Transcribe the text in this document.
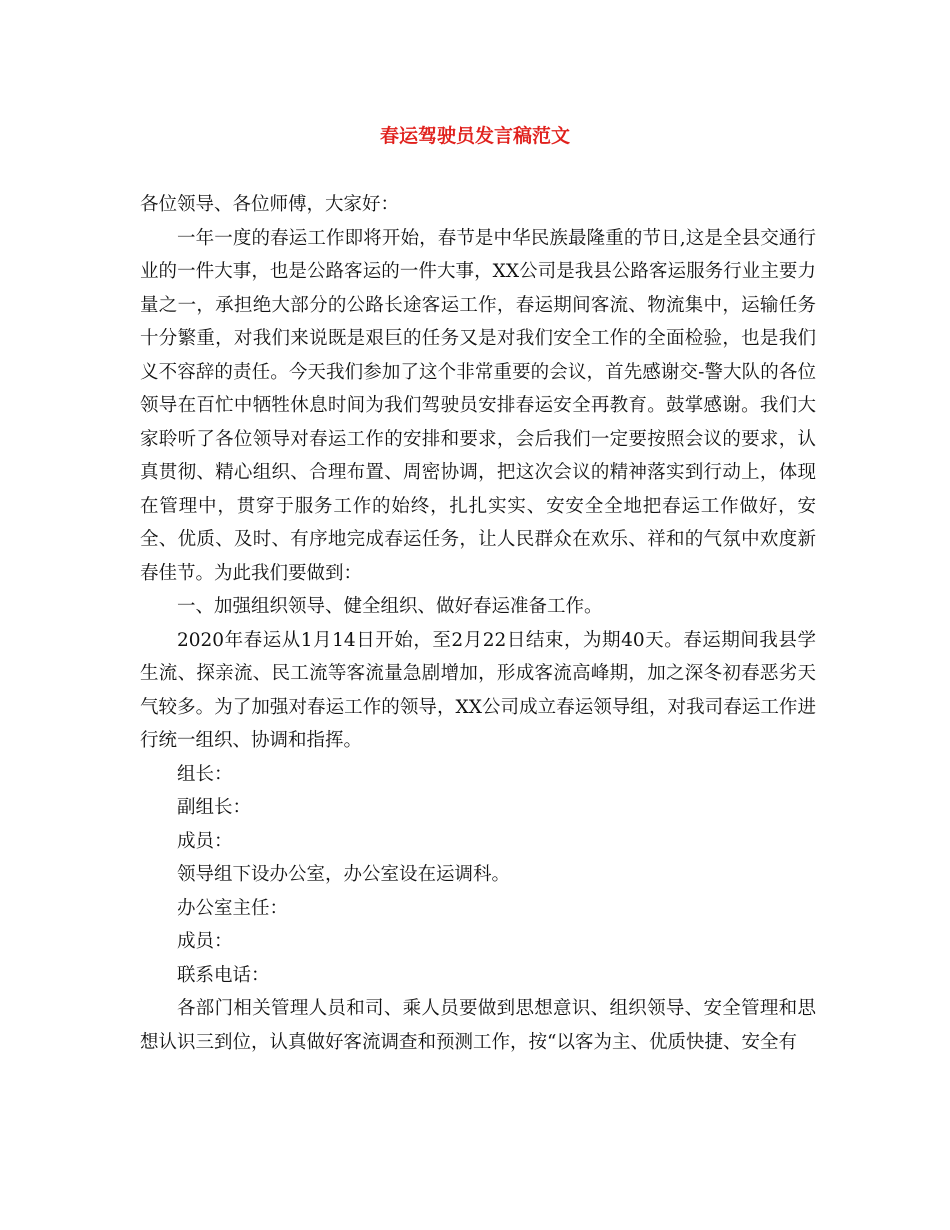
春运驾驶员发言稿范文

各位领导、各位师傅，大家好：

一年一度的春运工作即将开始，春节是中华民族最隆重的节日,这是全县交通行业的一件大事，也是公路客运的一件大事，XX公司是我县公路客运服务行业主要力量之一，承担绝大部分的公路长途客运工作，春运期间客流、物流集中，运输任务十分繁重，对我们来说既是艰巨的任务又是对我们安全工作的全面检验，也是我们义不容辞的责任。今天我们参加了这个非常重要的会议，首先感谢交-警大队的各位领导在百忙中牺牲休息时间为我们驾驶员安排春运安全再教育。鼓掌感谢。我们大家聆听了各位领导对春运工作的安排和要求，会后我们一定要按照会议的要求，认真贯彻、精心组织、合理布置、周密协调，把这次会议的精神落实到行动上，体现在管理中，贯穿于服务工作的始终，扎扎实实、安安全全地把春运工作做好，安全、优质、及时、有序地完成春运任务，让人民群众在欢乐、祥和的气氛中欢度新春佳节。为此我们要做到：

一、加强组织领导、健全组织、做好春运准备工作。

2020年春运从1月14日开始，至2月22日结束，为期40天。春运期间我县学生流、探亲流、民工流等客流量急剧增加，形成客流高峰期，加之深冬初春恶劣天气较多。为了加强对春运工作的领导，XX公司成立春运领导组，对我司春运工作进行统一组织、协调和指挥。

组长：

副组长：

成员：

领导组下设办公室，办公室设在运调科。

办公室主任：

成员：

联系电话：

各部门相关管理人员和司、乘人员要做到思想意识、组织领导、安全管理和思想认识三到位，认真做好客流调查和预测工作，按“以客为主、优质快捷、安全有
